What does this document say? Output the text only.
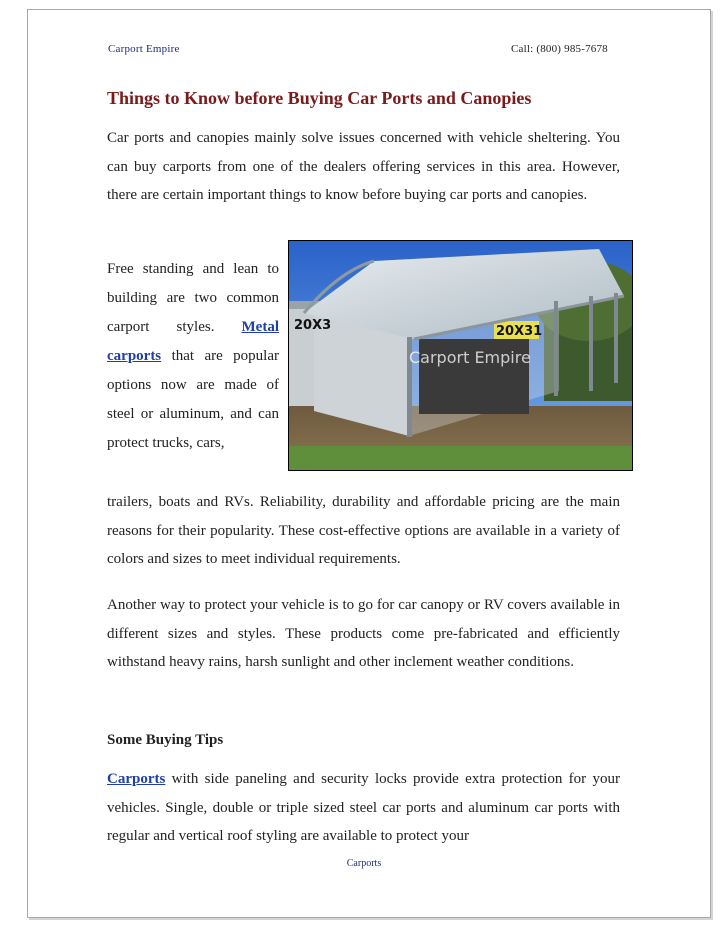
Carport Empire	Call: (800) 985-7678
Things to Know before Buying Car Ports and Canopies

Car ports and canopies mainly solve issues concerned with vehicle sheltering. You can buy carports from one of the dealers offering services in this area. However, there are certain important things to know before buying car ports and canopies.

20X3	20X31
Carport Empire

Free standing and lean to building are two common carport styles. Metal carports that are popular options now are made of steel or aluminum, and can protect trucks, cars,

trailers, boats and RVs. Reliability, durability and affordable pricing are the main reasons for their popularity. These cost-effective options are available in a variety of colors and sizes to meet individual requirements.

Another way to protect your vehicle is to go for car canopy or RV covers available in different sizes and styles. These products come pre-fabricated and efficiently withstand heavy rains, harsh sunlight and other inclement weather conditions.

Some Buying Tips

Carports with side paneling and security locks provide extra protection for your vehicles. Single, double or triple sized steel car ports and aluminum car ports with regular and vertical roof styling are available to protect your

Carports
